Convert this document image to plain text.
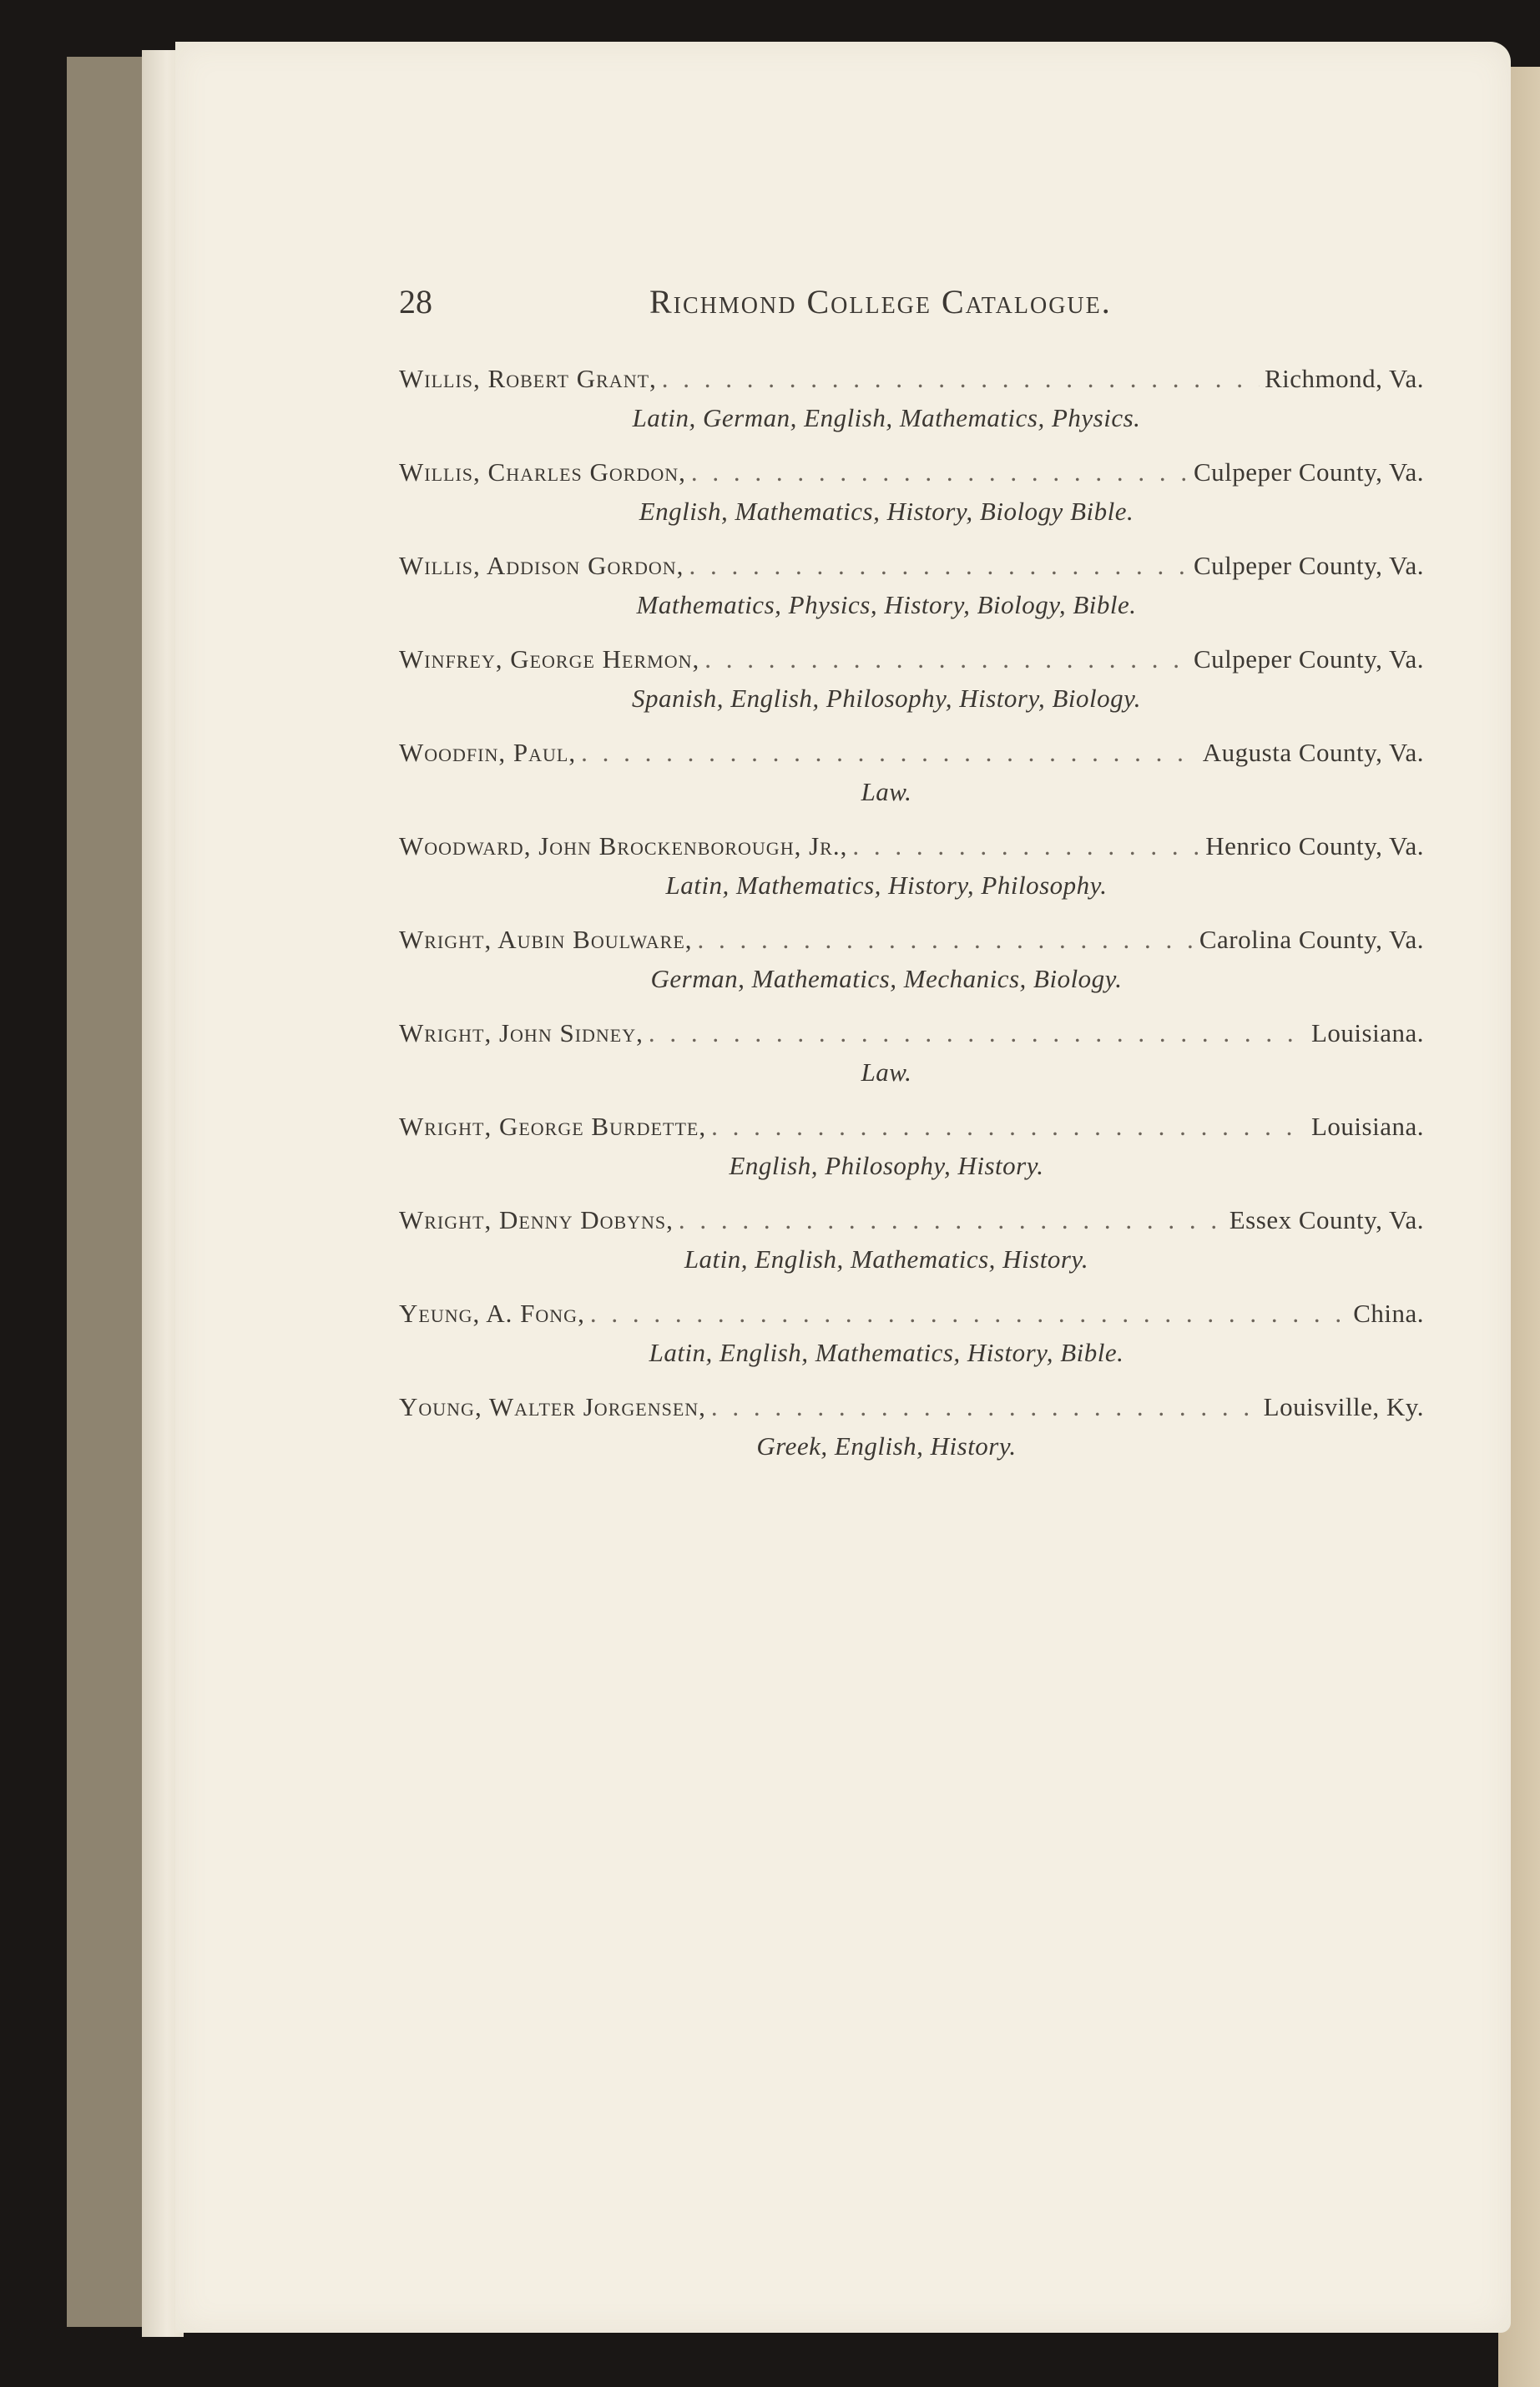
28	Richmond College Catalogue.
Willis, Robert Grant, . . .	Richmond, Va.
Latin, German, English, Mathematics, Physics.
Willis, Charles Gordon, . . .	Culpeper County, Va.
English, Mathematics, History, Biology Bible.
Willis, Addison Gordon, . . .	Culpeper County, Va.
Mathematics, Physics, History, Biology, Bible.
Winfrey, George Hermon, . . .	Culpeper County, Va.
Spanish, English, Philosophy, History, Biology.
Woodfin, Paul, . . .	Augusta County, Va.
Law.
Woodward, John Brockenborough, Jr., . . .	Henrico County, Va.
Latin, Mathematics, History, Philosophy.
Wright, Aubin Boulware, . . .	Carolina County, Va.
German, Mathematics, Mechanics, Biology.
Wright, John Sidney, . . .	Louisiana.
Law.
Wright, George Burdette, . . .	Louisiana.
English, Philosophy, History.
Wright, Denny Dobyns, . . .	Essex County, Va.
Latin, English, Mathematics, History.
Yeung, A. Fong, . . .	China.
Latin, English, Mathematics, History, Bible.
Young, Walter Jorgensen, . . .	Louisville, Ky.
Greek, English, History.
